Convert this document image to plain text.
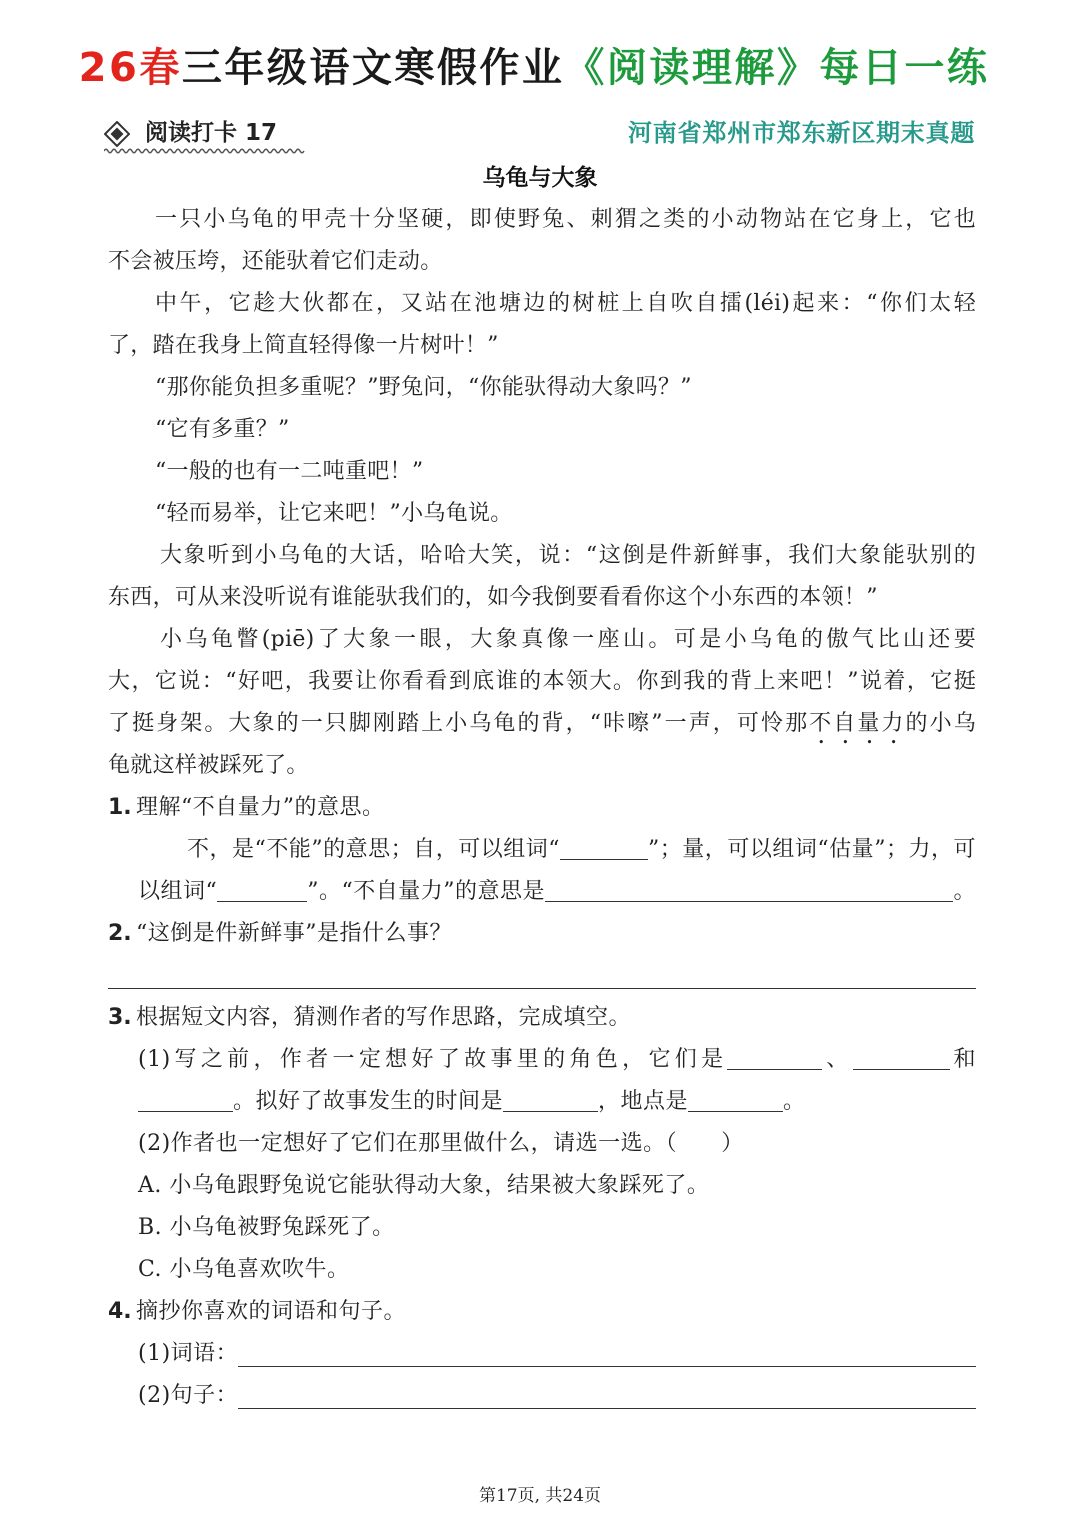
26春三年级语文寒假作业《阅读理解》每日一练
阅读打卡 17	河南省郑州市郑东新区期末真题
乌龟与大象
一只小乌龟的甲壳十分坚硬，即使野兔、刺猬之类的小动物站在它身上，它也
不会被压垮，还能驮着它们走动。
中午，它趁大伙都在，又站在池塘边的树桩上自吹自擂(léi)起来：“你们太轻
了，踏在我身上简直轻得像一片树叶！”
“那你能负担多重呢？”野兔问，“你能驮得动大象吗？”
“它有多重？”
“一般的也有一二吨重吧！”
“轻而易举，让它来吧！”小乌龟说。
大象听到小乌龟的大话，哈哈大笑，说：“这倒是件新鲜事，我们大象能驮别的
东西，可从来没听说有谁能驮我们的，如今我倒要看看你这个小东西的本领！”
小乌龟瞥(piē)了大象一眼，大象真像一座山。可是小乌龟的傲气比山还要
大，它说：“好吧，我要让你看看到底谁的本领大。你到我的背上来吧！”说着，它挺
了挺身架。大象的一只脚刚踏上小乌龟的背，“咔嚓”一声，可怜那不自量力的小乌
龟就这样被踩死了。
1. 理解“不自量力”的意思。
不，是“不能”的意思；自，可以组词“	”；量，可以组词“估量”；力，可
以组词“	”。“不自量力”的意思是	。
2. “这倒是件新鲜事”是指什么事？
3. 根据短文内容，猜测作者的写作思路，完成填空。
(1)写之前，作者一定想好了故事里的角色，它们是	、	和
。拟好了故事发生的时间是	，地点是	。
(2)作者也一定想好了它们在那里做什么，请选一选。（ ）
A. 小乌龟跟野兔说它能驮得动大象，结果被大象踩死了。
B. 小乌龟被野兔踩死了。
C. 小乌龟喜欢吹牛。
4. 摘抄你喜欢的词语和句子。
(1)词语：
(2)句子：
第17页, 共24页
